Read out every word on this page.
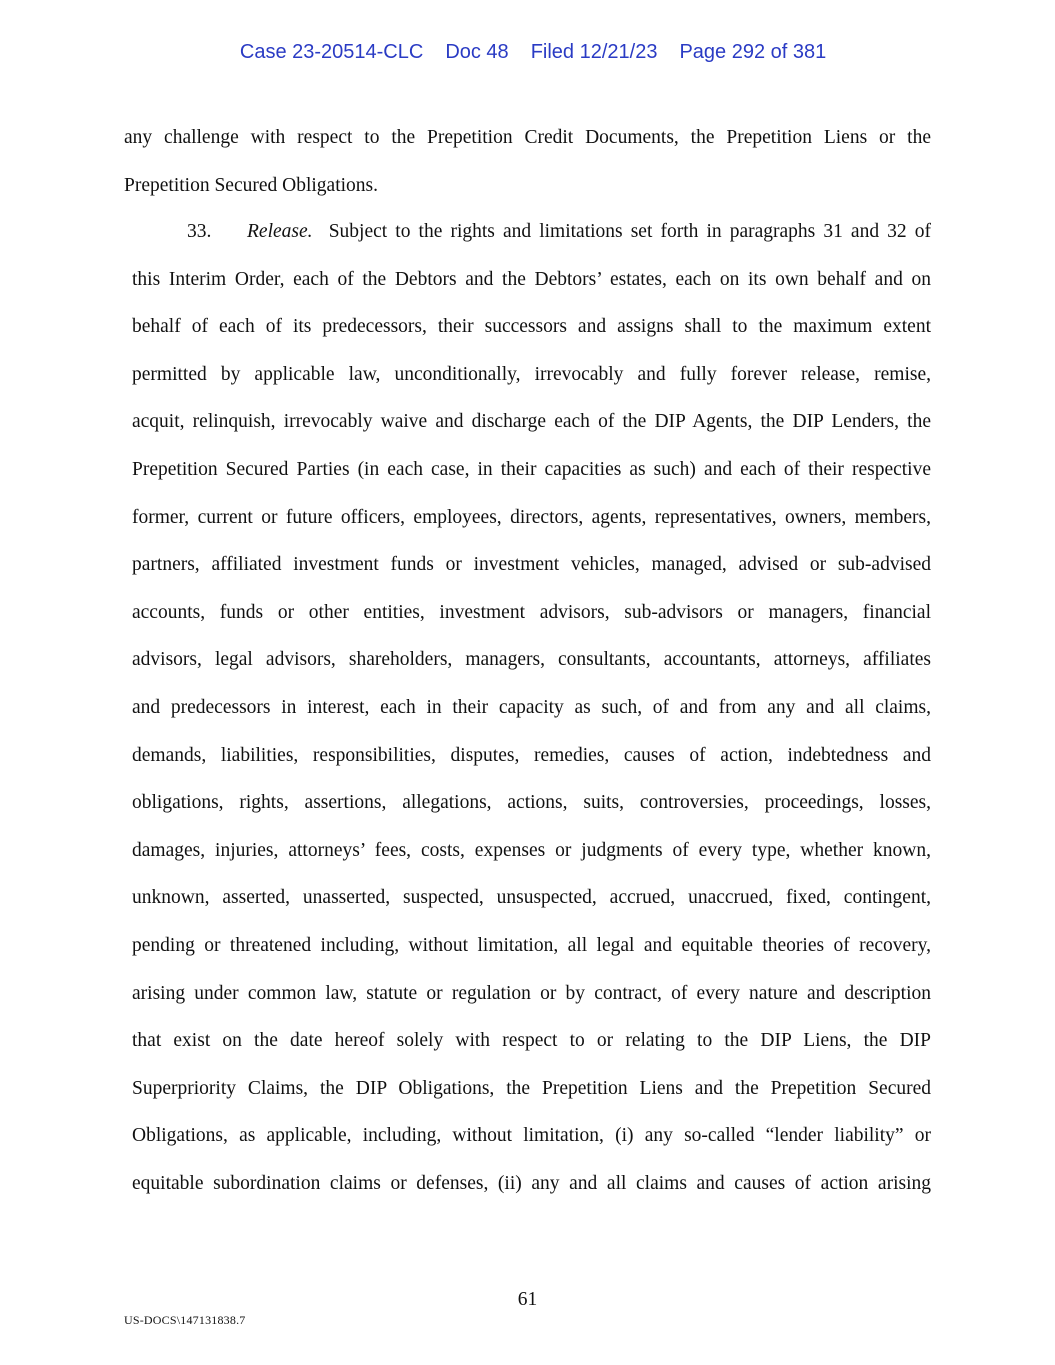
Case 23-20514-CLC Doc 48 Filed 12/21/23 Page 292 of 381

any challenge with respect to the Prepetition Credit Documents, the Prepetition Liens or the
Prepetition Secured Obligations.
33. Release. Subject to the rights and limitations set forth in paragraphs 31 and 32 of
this Interim Order, each of the Debtors and the Debtors’ estates, each on its own behalf and on
behalf of each of its predecessors, their successors and assigns shall to the maximum extent
permitted by applicable law, unconditionally, irrevocably and fully forever release, remise,
acquit, relinquish, irrevocably waive and discharge each of the DIP Agents, the DIP Lenders, the
Prepetition Secured Parties (in each case, in their capacities as such) and each of their respective
former, current or future officers, employees, directors, agents, representatives, owners, members,
partners, affiliated investment funds or investment vehicles, managed, advised or sub-advised
accounts, funds or other entities, investment advisors, sub-advisors or managers, financial
advisors, legal advisors, shareholders, managers, consultants, accountants, attorneys, affiliates
and predecessors in interest, each in their capacity as such, of and from any and all claims,
demands, liabilities, responsibilities, disputes, remedies, causes of action, indebtedness and
obligations, rights, assertions, allegations, actions, suits, controversies, proceedings, losses,
damages, injuries, attorneys’ fees, costs, expenses or judgments of every type, whether known,
unknown, asserted, unasserted, suspected, unsuspected, accrued, unaccrued, fixed, contingent,
pending or threatened including, without limitation, all legal and equitable theories of recovery,
arising under common law, statute or regulation or by contract, of every nature and description
that exist on the date hereof solely with respect to or relating to the DIP Liens, the DIP
Superpriority Claims, the DIP Obligations, the Prepetition Liens and the Prepetition Secured
Obligations, as applicable, including, without limitation, (i) any so-called “lender liability” or
equitable subordination claims or defenses, (ii) any and all claims and causes of action arising
61
US-DOCS\147131838.7
